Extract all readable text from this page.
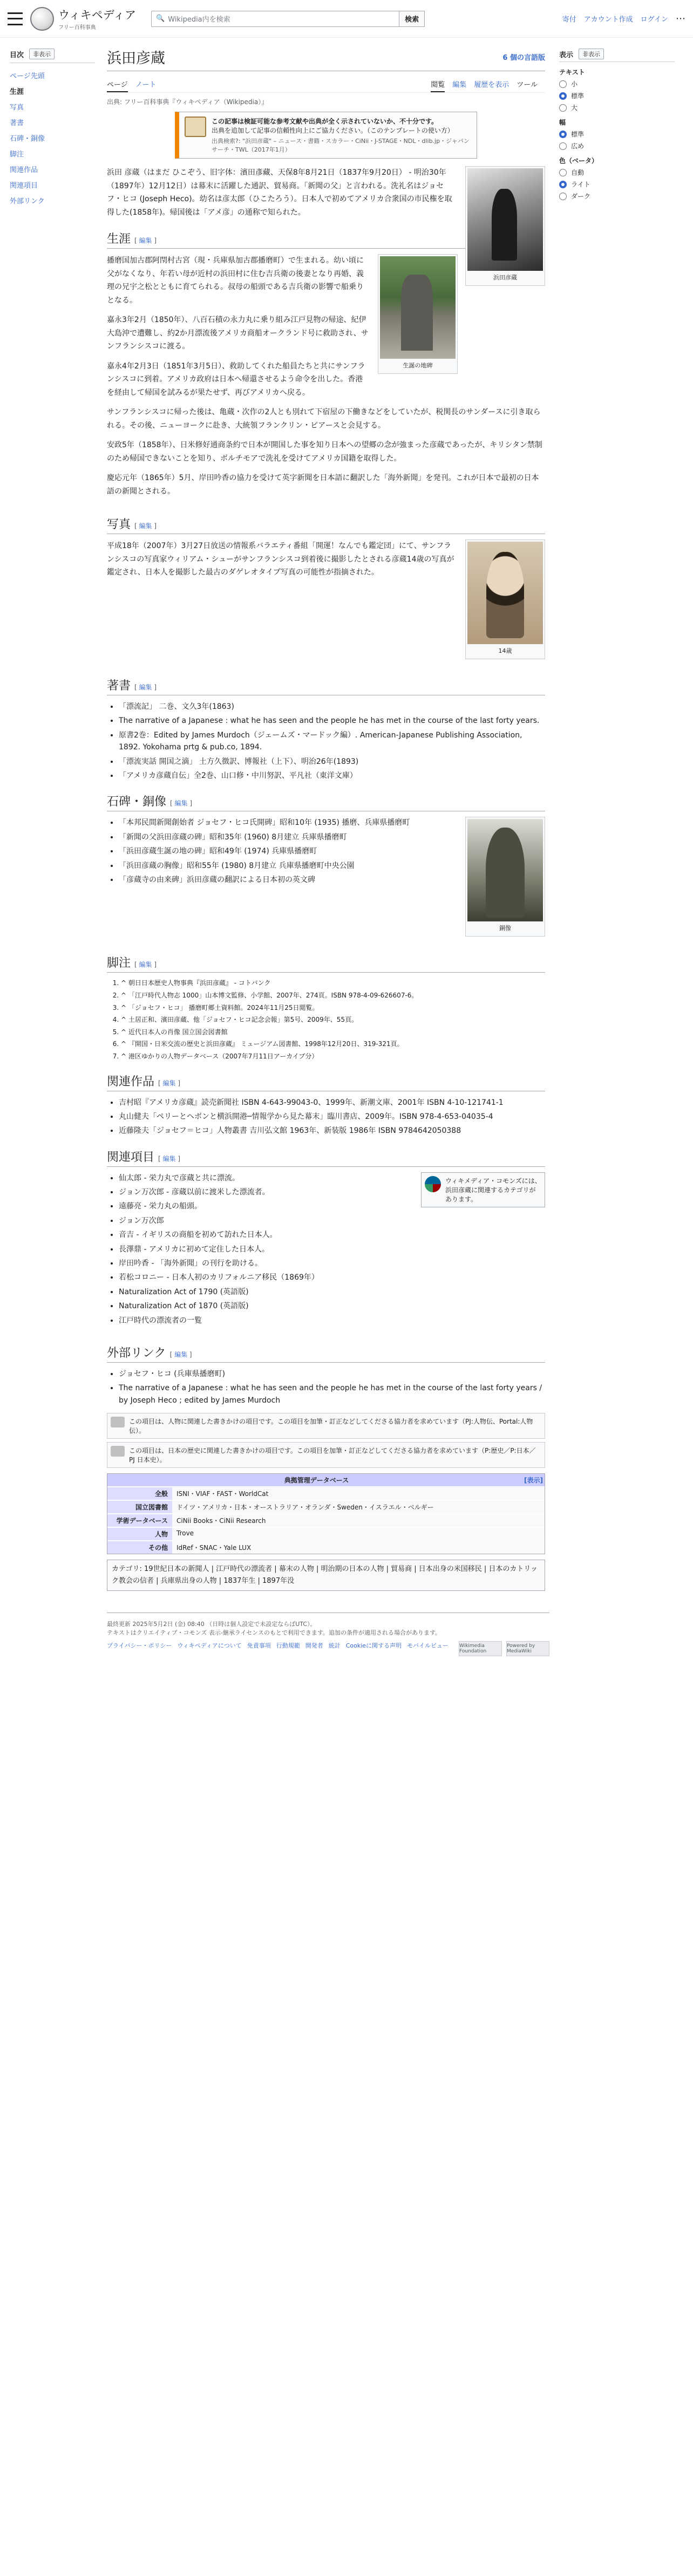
ウィキペディア
フリー百科事典
🔍 Wikipedia内を検索	検索	寄付 アカウント作成 ログイン ⋯
目次	非表示
ページ先頭
生涯
写真
著書
石碑・銅像
脚注
関連作品
関連項目
外部リンク
浜田彦蔵	6 個の言語版
ページ ノート	閲覧 編集 履歴を表示 ツール
出典: フリー百科事典『ウィキペディア（Wikipedia）』
この記事は検証可能な参考文献や出典が全く示されていないか、不十分です。
出典を追加して記事の信頼性向上にご協力ください。（このテンプレートの使い方）
出典検索?: "浜田彦蔵" – ニュース・書籍・スカラー・CiNii・J-STAGE・NDL・dlib.jp・ジャパンサーチ・TWL（2017年1月）
浜田彦蔵

浜田 彦蔵（はまだ ひこぞう、旧字体：濱田彥藏、天保8年8月21日（1837年9月20日） - 明治30年（1897年）12月12日）は幕末に活躍した通訳、貿易商。「新聞の父」と言われる。洗礼名はジョセフ・ヒコ (Joseph Heco)。幼名は彦太郎（ひこたろう）。日本人で初めてアメリカ合衆国の市民権を取得した(1858年)。帰国後は「アメ彦」の通称で知られた。

生涯 [ 編集 ]
生誕の地碑

播磨国加古郡阿閇村古宮（現・兵庫県加古郡播磨町）で生まれる。幼い頃に父がなくなり、年若い母が近村の浜田村に住む吉兵衛の後妻となり再婚、義理の兄宇之松とともに育てられる。叔母の船頭である吉兵衛の影響で船乗りとなる。

嘉永3年2月（1850年）、八百石積の永力丸に乗り組み江戸見物の帰途、紀伊大島沖で遭難し、約2か月漂流後アメリカ商船オークランド号に救助され、サンフランシスコに渡る。

嘉永4年2月3日（1851年3月5日）、救助してくれた船員たちと共にサンフランシスコに到着。アメリカ政府は日本へ帰還させるよう命令を出した。香港を経由して帰国を試みるが果たせず、再びアメリカへ戻る。

サンフランシスコに帰った後は、亀蔵・次作の2人とも別れて下宿屋の下働きなどをしていたが、税関長のサンダースに引き取られる。その後、ニューヨークに赴き、大統領フランクリン・ピアースと会見する。

安政5年（1858年）、日米修好通商条約で日本が開国した事を知り日本への望郷の念が強まった彦蔵であったが、キリシタン禁制のため帰国できないことを知り、ボルチモアで洗礼を受けてアメリカ国籍を取得した。

慶応元年（1865年）5月、岸田吟香の協力を受けて英字新聞を日本語に翻訳した「海外新聞」を発刊。これが日本で最初の日本語の新聞とされる。

写真 [ 編集 ]
14歳

平成18年（2007年）3月27日放送の情報系バラエティ番組「開運！なんでも鑑定団」にて、サンフランシスコの写真家ウィリアム・シューがサンフランシスコ到着後に撮影したとされる彦蔵14歳の写真が鑑定され、日本人を撮影した最古のダゲレオタイプ写真の可能性が指摘された。

著書 [ 編集 ]
• 「漂流記」 二巻、文久3年(1863)
• The narrative of a Japanese : what he has seen and the people he has met in the course of the last forty years.
• 原書2巻：Edited by James Murdoch（ジェームズ・マードック編）. American-Japanese Publishing Association, 1892. Yokohama prtg & pub.co, 1894.
• 「漂流実話 開国之滴」 土方久徴訳、博報社（上下）、明治26年(1893)
• 「アメリカ彦蔵自伝」全2巻、山口修・中川努訳、平凡社（東洋文庫）
石碑・銅像 [ 編集 ]
銅像
• 「本邦民間新聞創始者 ジョセフ・ヒコ氏開碑」昭和10年 (1935) 播磨、兵庫県播磨町
• 「新聞の父浜田彦蔵の碑」昭和35年 (1960) 8月建立 兵庫県播磨町
• 「浜田彦蔵生誕の地の碑」昭和49年 (1974) 兵庫県播磨町
• 「浜田彦蔵の胸像」昭和55年 (1980) 8月建立 兵庫県播磨町中央公園
• 「彦蔵寺の由来碑」浜田彦蔵の翻訳による日本初の英文碑
脚注 [ 編集 ]
1. ^ 朝日日本歴史人物事典『浜田彦蔵』 - コトバンク
2. ^ 「江戸時代人物志 1000」山本博文監修、小学館、2007年、274頁。ISBN 978-4-09-626607-6。
3. ^ 「ジョセフ・ヒコ」 播磨町郷土資料館。2024年11月25日閲覧。
4. ^ 土居正和、濱田彦蔵、他「ジョセフ・ヒコ記念会報」第5号、2009年、55頁。
5. ^ 近代日本人の肖像 国立国会図書館
6. ^ 『開国・日米交流の歴史と浜田彦蔵』 ミュージアム図書館、1998年12月20日、319-321頁。
7. ^ 港区ゆかりの人物データベース（2007年7月11日アーカイブ分）
関連作品 [ 編集 ]
• 吉村昭『アメリカ彦蔵』読売新聞社 ISBN 4-643-99043-0、1999年、新潮文庫、2001年 ISBN 4-10-121741-1
• 丸山健夫「ペリーとヘボンと横浜開港─情報学から見た幕末」臨川書店、2009年。ISBN 978-4-653-04035-4
• 近藤隆夫「ジョセフ＝ヒコ」人物叢書 吉川弘文館 1963年、新装版 1986年 ISBN 9784642050388
関連項目 [ 編集 ]
ウィキメディア・コモンズには、浜田彦蔵に関連するカテゴリがあります。
• 仙太郎 - 栄力丸で彦蔵と共に漂流。
• ジョン万次郎 - 彦蔵以前に渡米した漂流者。
• 遠藤亮 - 栄力丸の船頭。
• ジョン万次郎
• 音吉 - イギリスの商船を初めて訪れた日本人。
• 長澤鼎 - アメリカに初めて定住した日本人。
• 岸田吟香 - 「海外新聞」の刊行を助ける。
• 若松コロニー - 日本人初のカリフォルニア移民（1869年）
• Naturalization Act of 1790 (英語版)
• Naturalization Act of 1870 (英語版)
• 江戸時代の漂流者の一覧
外部リンク [ 編集 ]
• ジョセフ・ヒコ (兵庫県播磨町)
• The narrative of a Japanese : what he has seen and the people he has met in the course of the last forty years / by Joseph Heco ; edited by James Murdoch
この項目は、人物に関連した書きかけの項目です。この項目を加筆・訂正などしてくださる協力者を求めています（PJ:人物伝、Portal:人物伝）。
この項目は、日本の歴史に関連した書きかけの項目です。この項目を加筆・訂正などしてくださる協力者を求めています（P:歴史／P:日本／PJ 日本史）。
典拠管理データベース	[表示]
全般	ISNI・VIAF・FAST・WorldCat
国立図書館	ドイツ・アメリカ・日本・オーストラリア・オランダ・Sweden・イスラエル・ベルギー
学術データベース	CiNii Books・CiNii Research
人物	Trove
その他	IdRef・SNAC・Yale LUX
カテゴリ: 19世紀日本の新聞人 | 江戸時代の漂流者 | 幕末の人物 | 明治期の日本の人物 | 貿易商 | 日本出身の米国移民 | 日本のカトリック教会の信者 | 兵庫県出身の人物 | 1837年生 | 1897年没
表示	非表示
テキスト
小
標準
大
幅
標準
広め
色（ベータ）
自動
ライト
ダーク
最終更新 2025年5月2日 (金) 08:40 （日時は個人設定で未設定ならばUTC）。
テキストはクリエイティブ・コモンズ 表示-継承ライセンスのもとで利用できます。追加の条件が適用される場合があります。
プライバシー・ポリシー ウィキペディアについて 免責事項 行動規範 開発者 統計 Cookieに関する声明 モバイルビュー Wikimedia Foundation
Powered by MediaWiki
